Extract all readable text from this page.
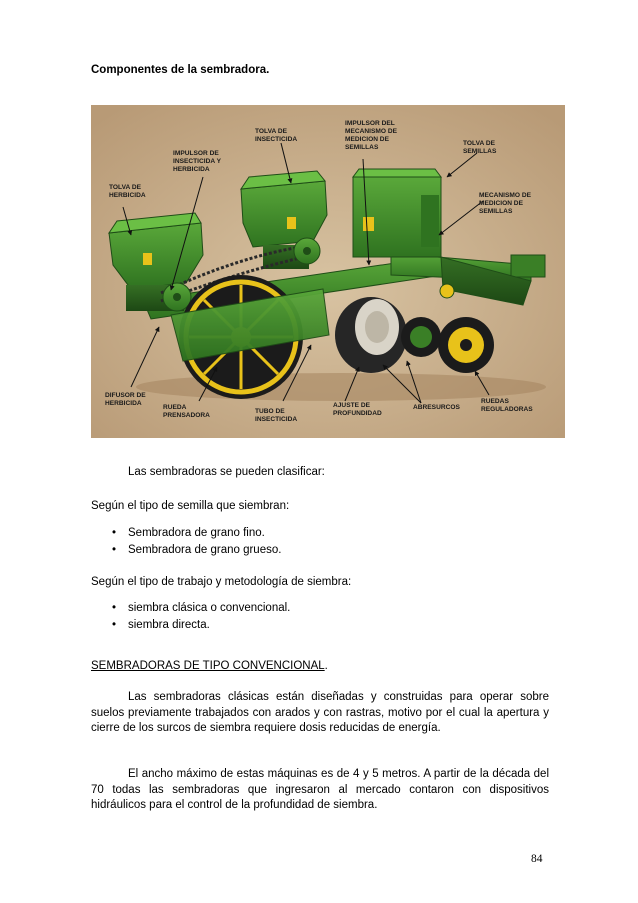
Componentes de la sembradora.
TOLVA DE HERBICIDA
IMPULSOR DE INSECTICIDA Y HERBICIDA
TOLVA DE INSECTICIDA
IMPULSOR DEL MECANISMO DE MEDICION DE SEMILLAS
TOLVA DE SEMILLAS
MECANISMO DE MEDICION DE SEMILLAS
DIFUSOR DE HERBICIDA
RUEDA PRENSADORA
TUBO DE INSECTICIDA
AJUSTE DE PROFUNDIDAD
ABRESURCOS
RUEDAS REGULADORAS
Las sembradoras se pueden clasificar:
Según el tipo de semilla que siembran:
• Sembradora de grano fino.
• Sembradora de grano grueso.
Según el tipo de trabajo y metodología de siembra:
• siembra clásica o convencional.
• siembra directa.
SEMBRADORAS DE TIPO CONVENCIONAL.
Las sembradoras clásicas están diseñadas y construidas para operar sobre suelos previamente trabajados con arados y con rastras, motivo por el cual la apertura y cierre de los surcos de siembra requiere dosis reducidas de energía.
El ancho máximo de estas máquinas es de 4 y 5 metros. A partir de la década del 70 todas las sembradoras que ingresaron al mercado contaron con dispositivos hidráulicos para el control de la profundidad de siembra.
84
